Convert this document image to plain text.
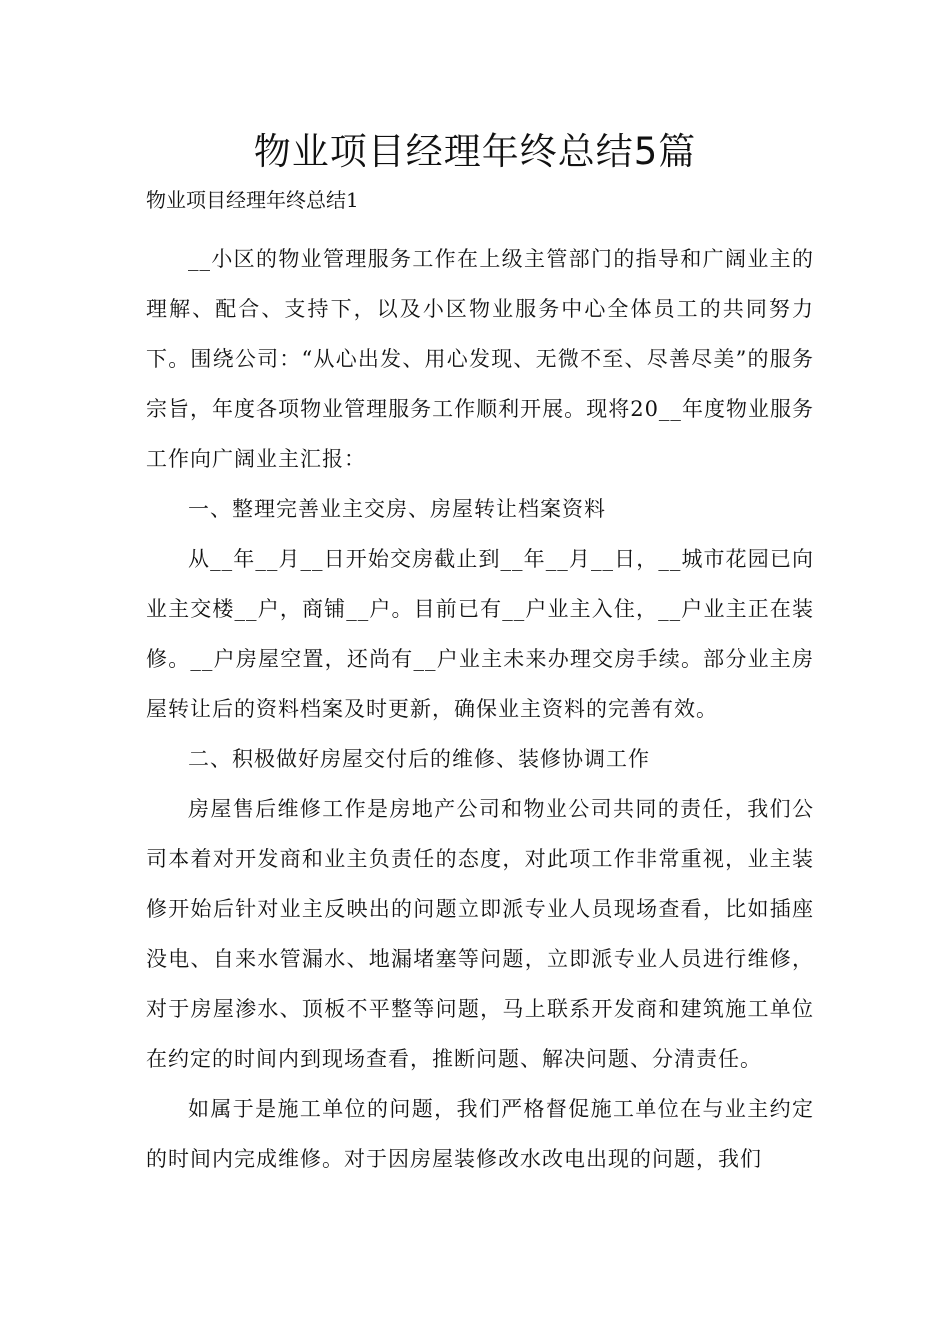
物业项目经理年终总结5篇

物业项目经理年终总结1

__小区的物业管理服务工作在上级主管部门的指导和广阔业主的理解、配合、支持下，以及小区物业服务中心全体员工的共同努力下。围绕公司：“从心出发、用心发现、无微不至、尽善尽美”的服务宗旨，年度各项物业管理服务工作顺利开展。现将20__年度物业服务工作向广阔业主汇报：

一、整理完善业主交房、房屋转让档案资料

从__年__月__日开始交房截止到__年__月__日，__城市花园已向业主交楼__户，商铺__户。目前已有__户业主入住，__户业主正在装修。__户房屋空置，还尚有__户业主未来办理交房手续。部分业主房屋转让后的资料档案及时更新，确保业主资料的完善有效。

二、积极做好房屋交付后的维修、装修协调工作

房屋售后维修工作是房地产公司和物业公司共同的责任，我们公司本着对开发商和业主负责任的态度，对此项工作非常重视，业主装修开始后针对业主反映出的问题立即派专业人员现场查看，比如插座没电、自来水管漏水、地漏堵塞等问题，立即派专业人员进行维修，对于房屋渗水、顶板不平整等问题，马上联系开发商和建筑施工单位在约定的时间内到现场查看，推断问题、解决问题、分清责任。

如属于是施工单位的问题，我们严格督促施工单位在与业主约定的时间内完成维修。对于因房屋装修改水改电出现的问题，我们
